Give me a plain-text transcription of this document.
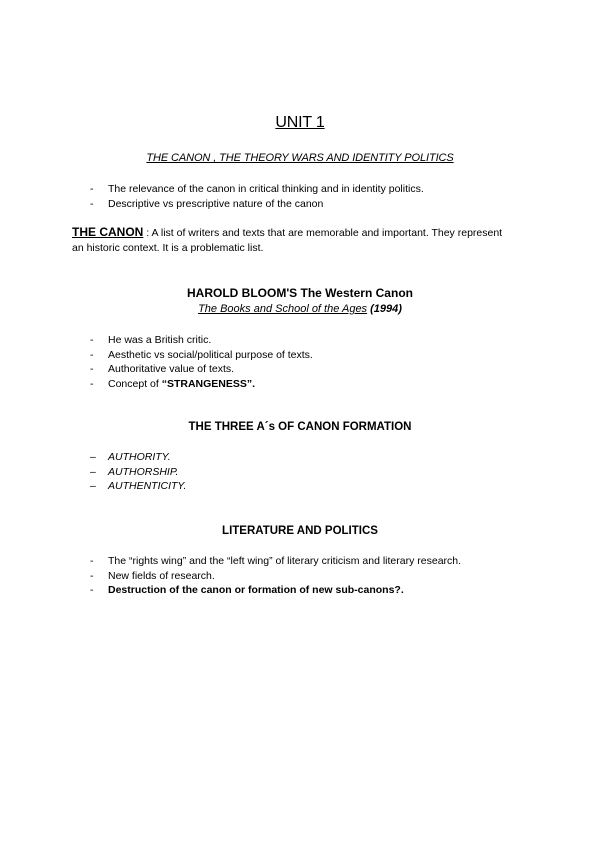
UNIT 1
THE CANON , THE THEORY WARS AND IDENTITY POLITICS
- The relevance of the canon in critical thinking and in identity politics.
- Descriptive vs prescriptive nature of the canon
THE CANON : A list of writers and texts that are memorable and important. They represent
an historic context. It is a problematic list.
HAROLD BLOOM'S The Western Canon
The Books and School of the Ages (1994)
- He was a British critic.
- Aesthetic vs social/political purpose of texts.
- Authoritative value of texts.
- Concept of “STRANGENESS”.
THE THREE A´s OF CANON FORMATION
– AUTHORITY.
– AUTHORSHIP.
– AUTHENTICITY.
LITERATURE AND POLITICS
- The “rights wing” and the “left wing” of literary criticism and literary research.
- New fields of research.
- Destruction of the canon or formation of new sub-canons?.
